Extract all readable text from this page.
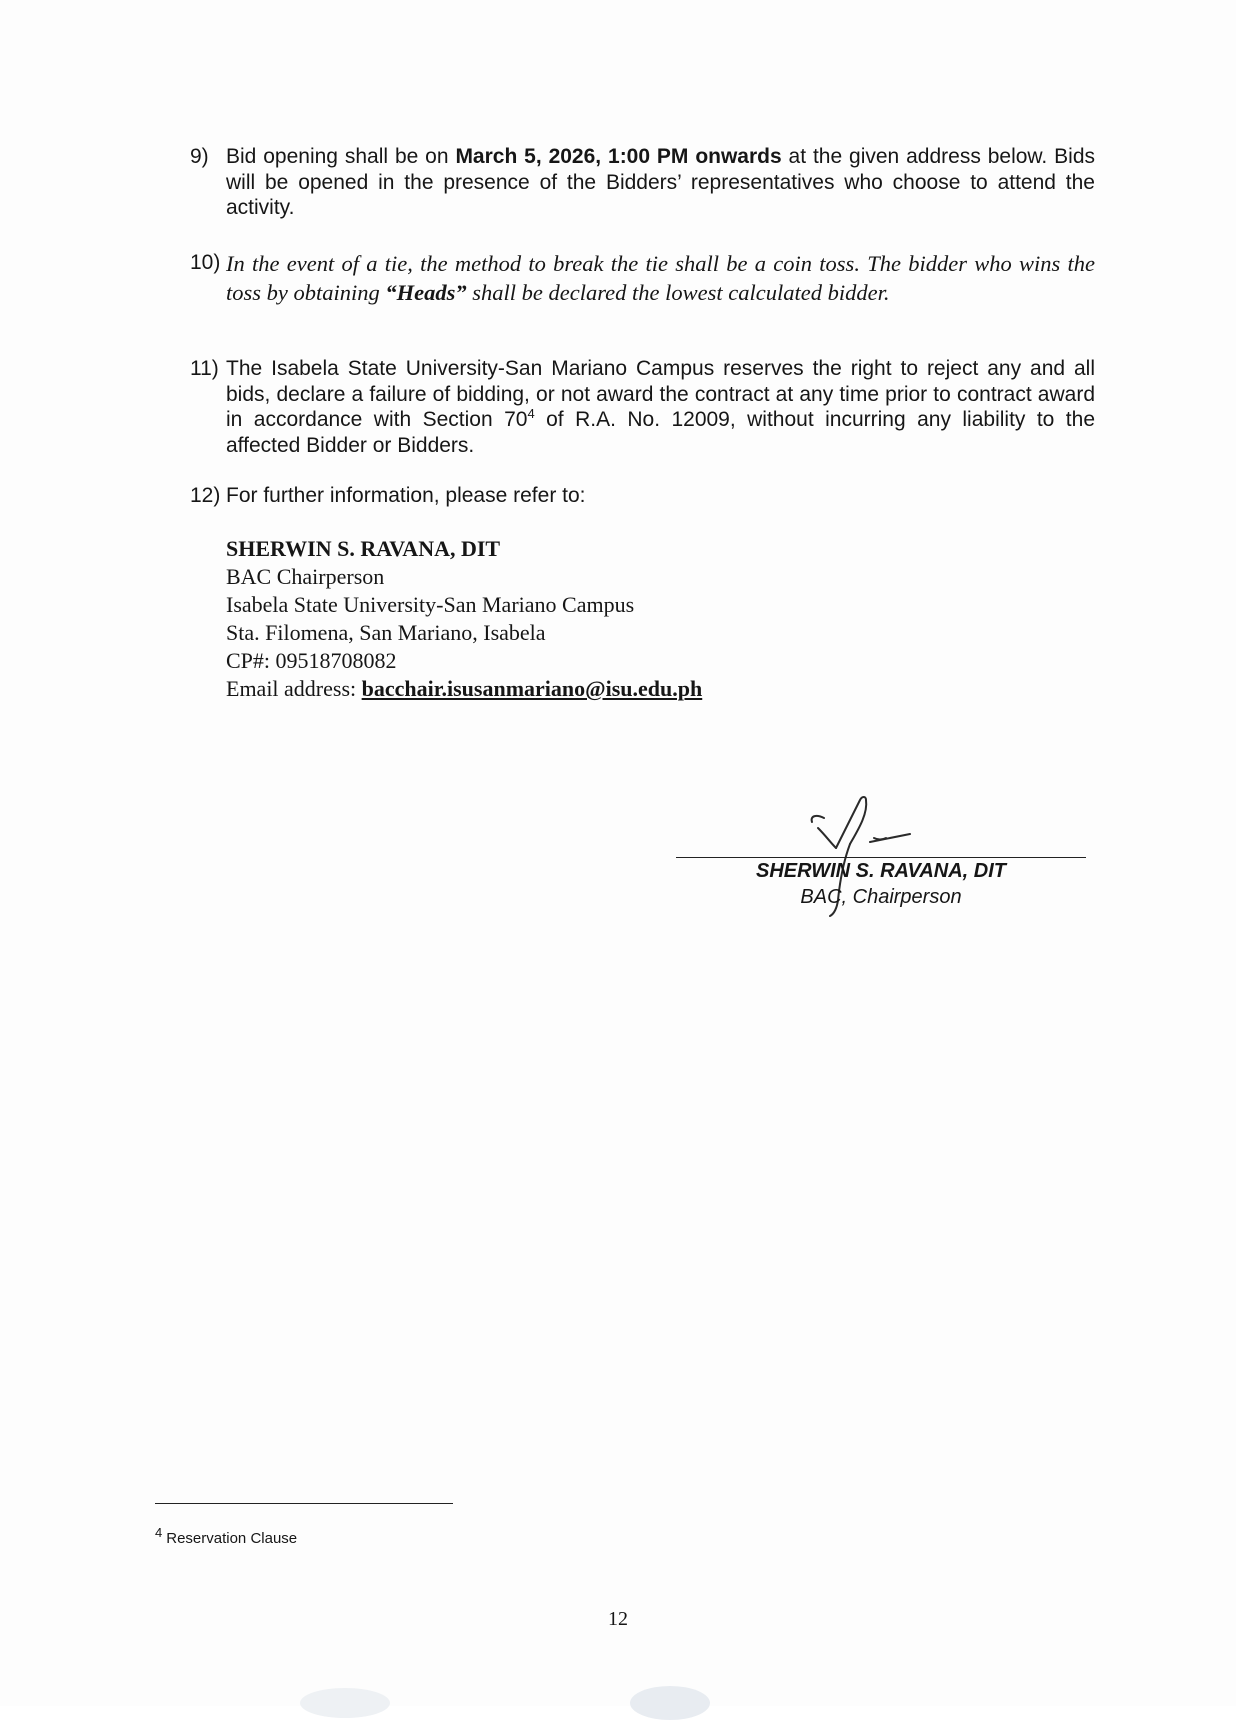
9) Bid opening shall be on March 5, 2026, 1:00 PM onwards at the given address below. Bids will be opened in the presence of the Bidders’ representatives who choose to attend the activity.
10) In the event of a tie, the method to break the tie shall be a coin toss. The bidder who wins the toss by obtaining “Heads” shall be declared the lowest calculated bidder.
11) The Isabela State University-San Mariano Campus reserves the right to reject any and all bids, declare a failure of bidding, or not award the contract at any time prior to contract award in accordance with Section $70^4$ of R.A. No. 12009, without incurring any liability to the affected Bidder or Bidders.
12) For further information, please refer to:
SHERWIN S. RAVANA, DIT
BAC Chairperson
Isabela State University-San Mariano Campus
Sta. Filomena, San Mariano, Isabela
CP#: 09518708082
Email address: bacchair.isusanmariano@isu.edu.ph
SHERWIN S. RAVANA, DIT
BAC, Chairperson
$^4$ Reservation Clause
12
